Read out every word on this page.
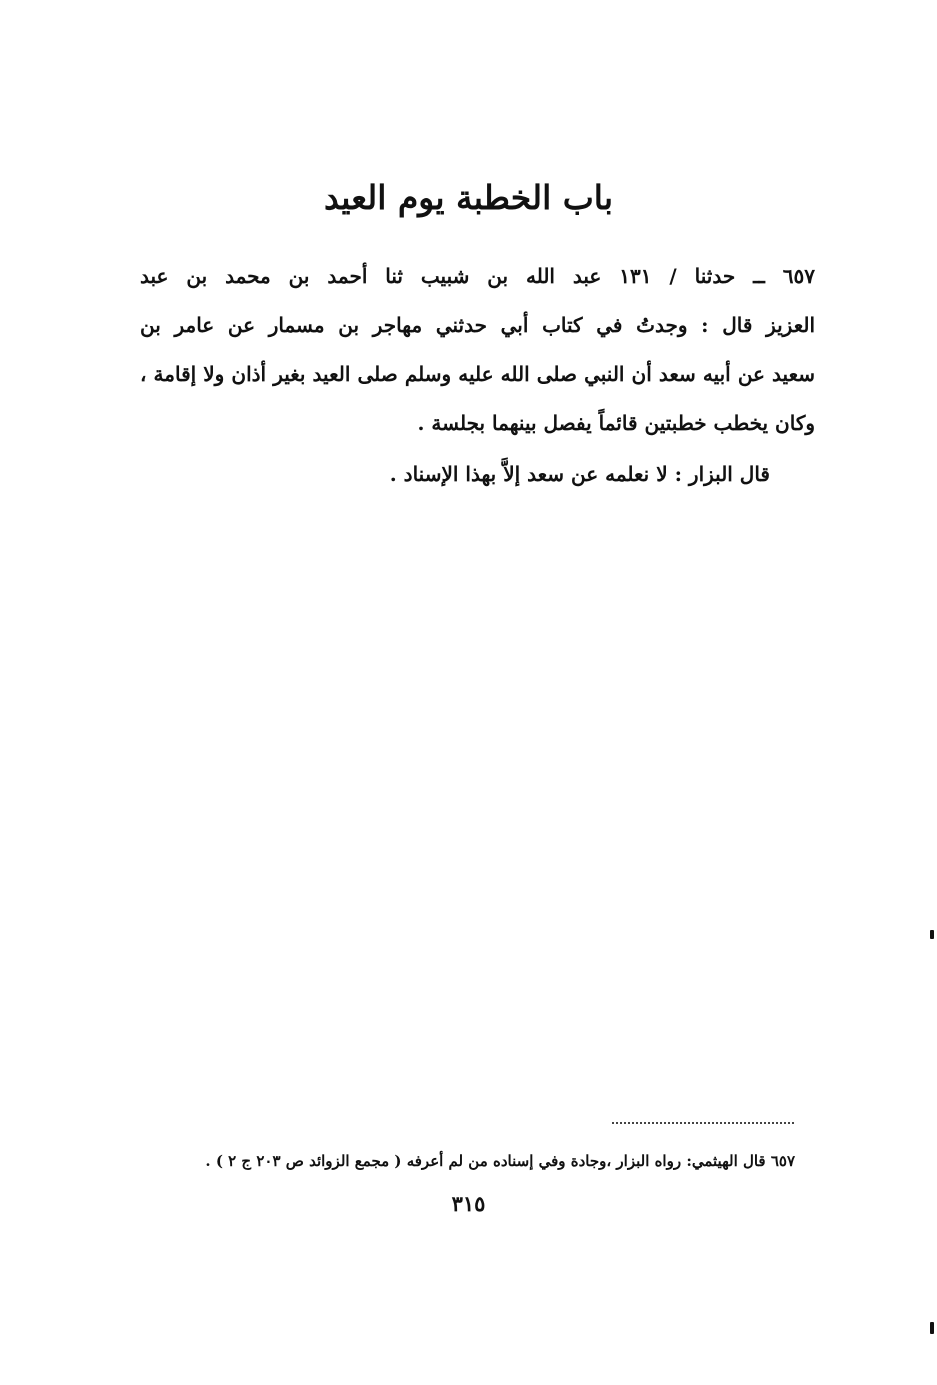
باب الخطبة يوم العيد
٦٥٧ ــ حدثنا / ١٣١ عبد الله بن شبيب ثنا أحمد بن محمد بن عبد
العزيز قال : وجدتُ في كتاب أبي حدثني مهاجر بن مسمار عن عامر بن
سعيد عن أبيه سعد أن النبي صلى الله عليه وسلم صلى العيد بغير أذان ولا إقامة ،
وكان يخطب خطبتين قائماً يفصل بينهما بجلسة .
قال البزار : لا نعلمه عن سعد إلاَّ بهذا الإسناد .
٦٥٧ قال الهيثمي: رواه البزار ،وجادة وفي إسناده من لم أعرفه ( مجمع الزوائد ص ٢٠٣ ج ٢ ) .
٣١٥
